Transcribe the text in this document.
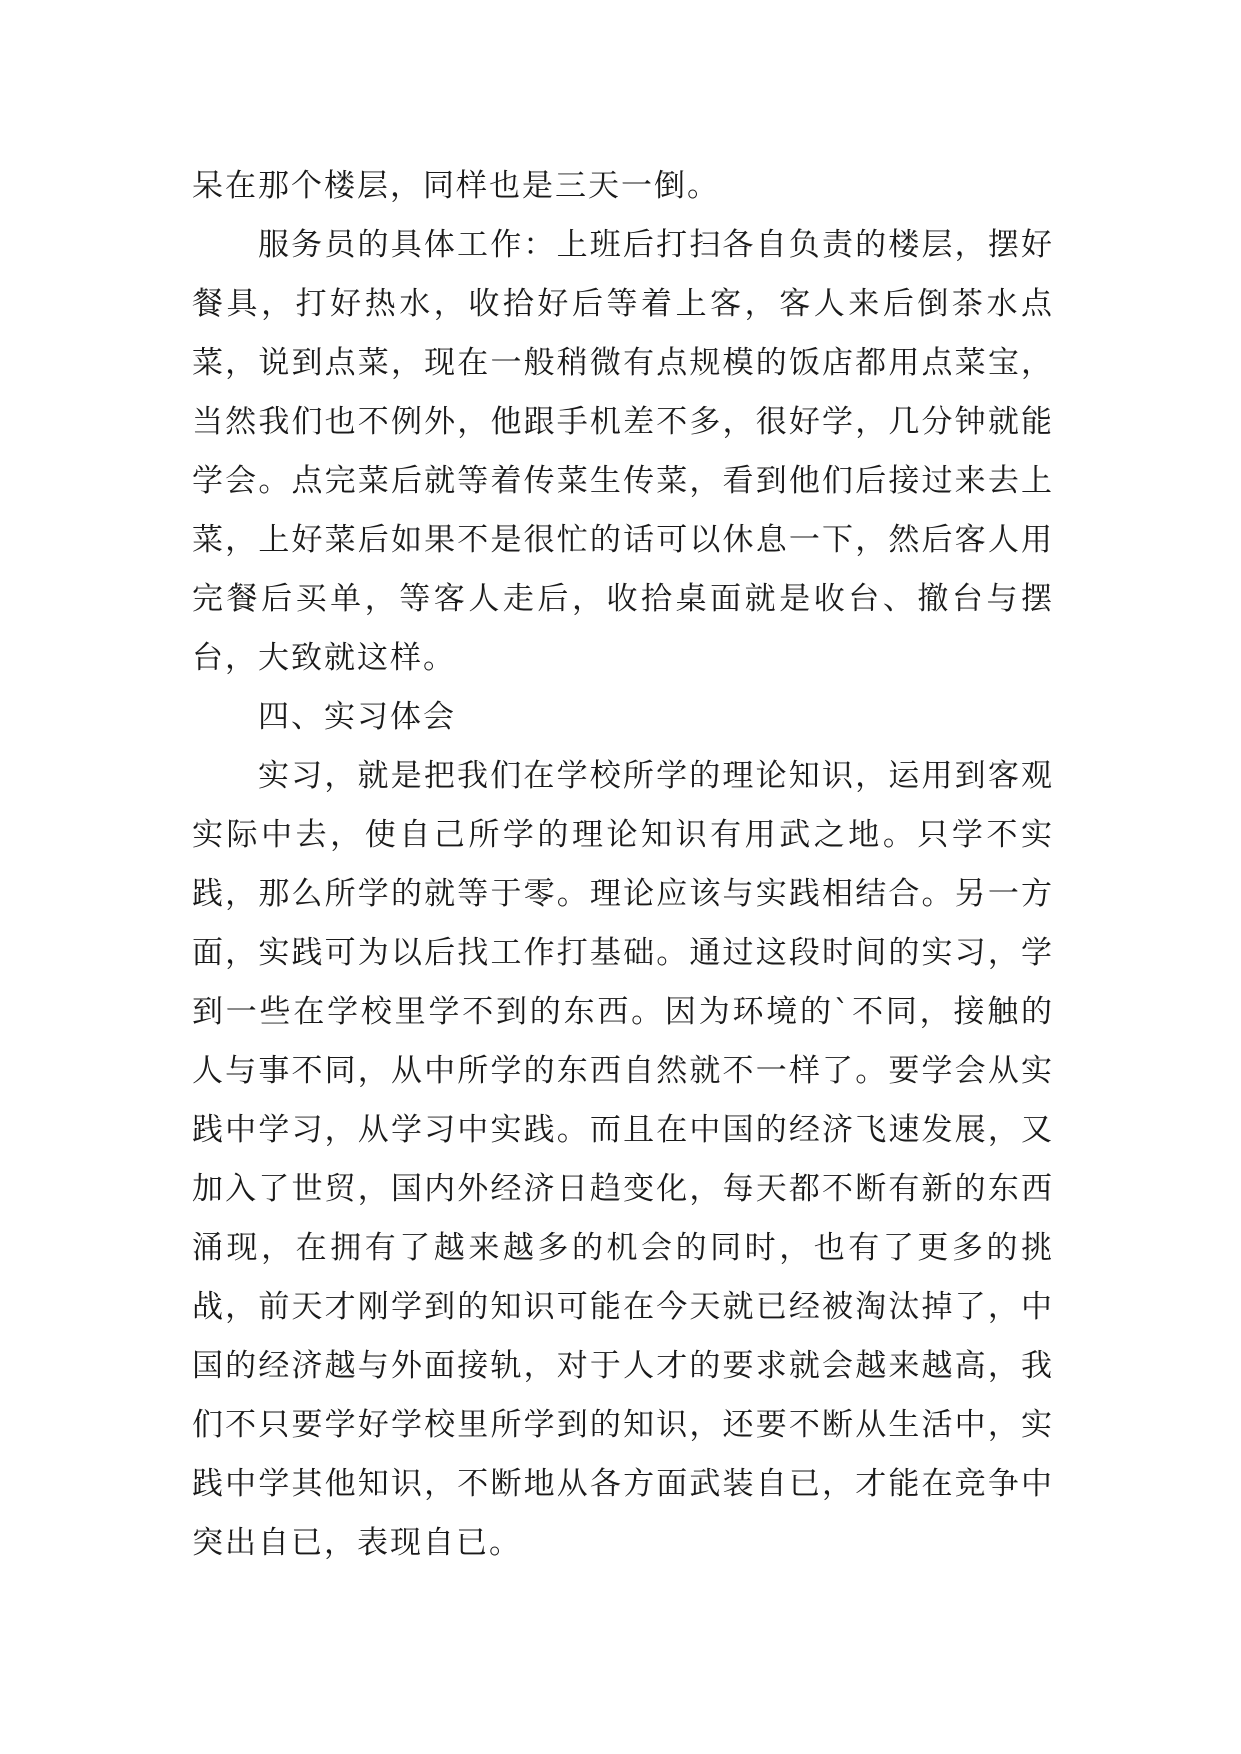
呆在那个楼层，同样也是三天一倒。

服务员的具体工作：上班后打扫各自负责的楼层，摆好餐具，打好热水，收拾好后等着上客，客人来后倒茶水点菜，说到点菜，现在一般稍微有点规模的饭店都用点菜宝，当然我们也不例外，他跟手机差不多，很好学，几分钟就能学会。点完菜后就等着传菜生传菜，看到他们后接过来去上菜，上好菜后如果不是很忙的话可以休息一下，然后客人用完餐后买单，等客人走后，收拾桌面就是收台、撤台与摆台，大致就这样。

四、实习体会

实习，就是把我们在学校所学的理论知识，运用到客观实际中去，使自己所学的理论知识有用武之地。只学不实践，那么所学的就等于零。理论应该与实践相结合。另一方面，实践可为以后找工作打基础。通过这段时间的实习，学到一些在学校里学不到的东西。因为环境的`不同，接触的人与事不同，从中所学的东西自然就不一样了。要学会从实践中学习，从学习中实践。而且在中国的经济飞速发展，又加入了世贸，国内外经济日趋变化，每天都不断有新的东西涌现，在拥有了越来越多的机会的同时，也有了更多的挑战，前天才刚学到的知识可能在今天就已经被淘汰掉了，中国的经济越与外面接轨，对于人才的要求就会越来越高，我们不只要学好学校里所学到的知识，还要不断从生活中，实践中学其他知识，不断地从各方面武装自已，才能在竞争中突出自已，表现自已。
